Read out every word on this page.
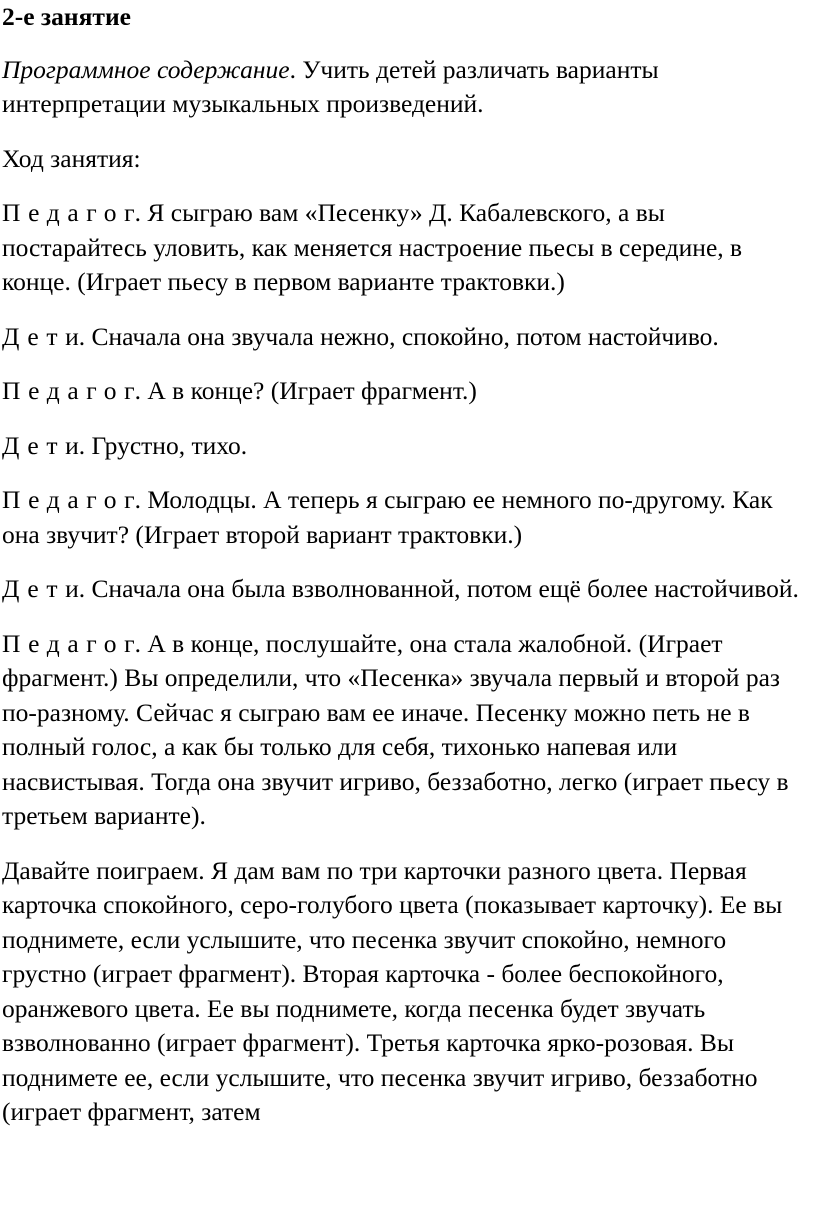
2-е занятие

Программное содержание. Учить детей различать варианты интерпретации музыкальных произведений.

Ход занятия:

Педагог. Я сыграю вам «Песенку» Д. Кабалевского, а вы постарайтесь уловить, как меняется настроение пьесы в середине, в конце. (Играет пьесу в первом варианте трактовки.)

Дети. Сначала она звучала нежно, спокойно, потом настойчиво.

Педагог. А в конце? (Играет фрагмент.)

Дети. Грустно, тихо.

Педагог. Молодцы. А теперь я сыграю ее немного по-другому. Как она звучит? (Играет второй вариант трактовки.)

Дети. Сначала она была взволнованной, потом ещё более настойчивой.

Педагог. А в конце, послушайте, она стала жалобной. (Играет фрагмент.) Вы определили, что «Песенка» звучала первый и второй раз по-разному. Сейчас я сыграю вам ее иначе. Песенку можно петь не в полный голос, а как бы только для себя, тихонько напевая или насвистывая. Тогда она звучит игриво, беззаботно, легко (играет пьесу в третьем варианте).

Давайте поиграем. Я дам вам по три карточки разного цвета. Первая карточка спокойного, серо-голубого цвета (показывает карточку). Ее вы поднимете, если услышите, что песенка звучит спокойно, немного грустно (играет фрагмент). Вторая карточка - более беспокойного, оранжевого цвета. Ее вы поднимете, когда песенка будет звучать взволнованно (играет фрагмент). Третья карточка ярко-розовая. Вы поднимете ее, если услышите, что песенка звучит игриво, беззаботно (играет фрагмент, затем
